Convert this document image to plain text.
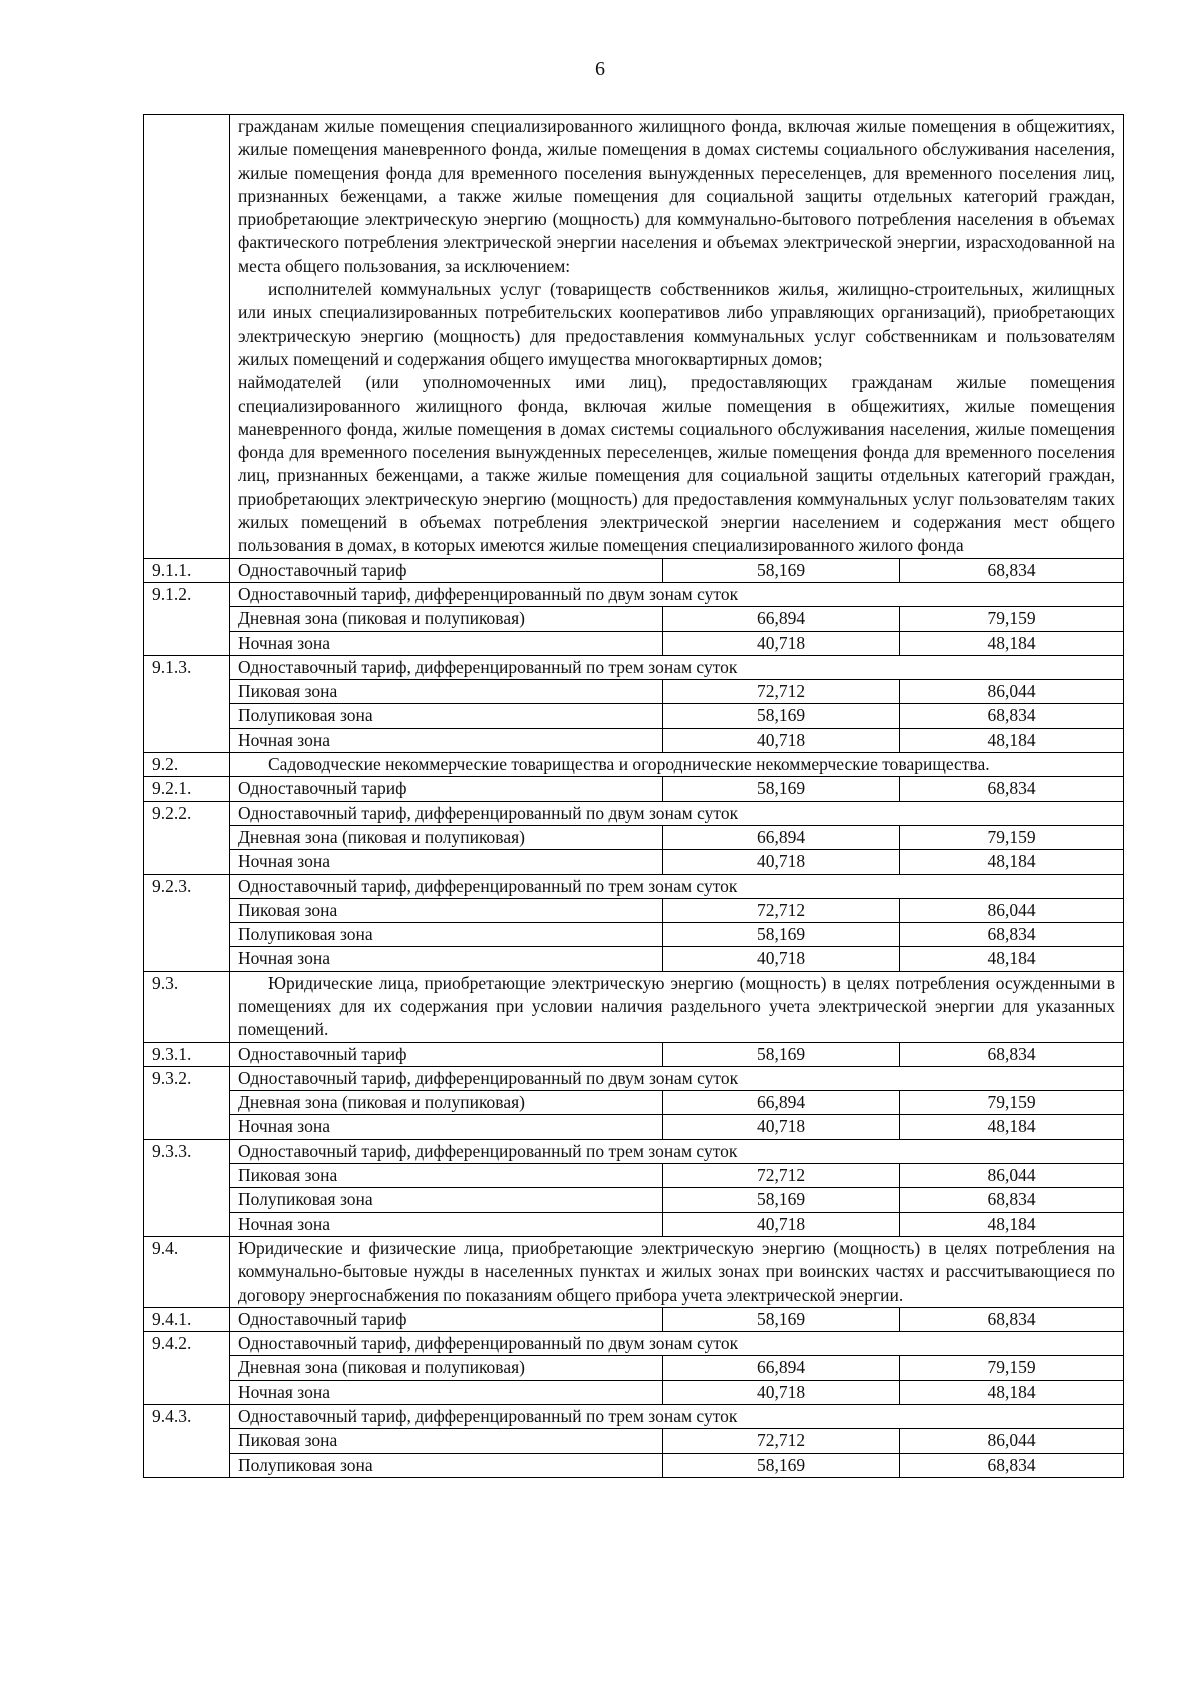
6

	гражданам жилые помещения специализированного жилищного фонда, включая жилые помещения в общежитиях, жилые помещения маневренного фонда, жилые помещения в домах системы социального обслуживания населения, жилые помещения фонда для временного поселения вынужденных переселенцев, для временного поселения лиц, признанных беженцами, а также жилые помещения для социальной защиты отдельных категорий граждан, приобретающие электрическую энергию (мощность) для коммунально-бытового потребления населения в объемах фактического потребления электрической энергии населения и объемах электрической энергии, израсходованной на места общего пользования, за исключением:

исполнителей коммунальных услуг (товариществ собственников жилья, жилищно-строительных, жилищных или иных специализированных потребительских кооперативов либо управляющих организаций), приобретающих электрическую энергию (мощность) для предоставления коммунальных услуг собственникам и пользователям жилых помещений и содержания общего имущества многоквартирных домов;

наймодателей (или уполномоченных ими лиц), предоставляющих гражданам жилые помещения специализированного жилищного фонда, включая жилые помещения в общежитиях, жилые помещения маневренного фонда, жилые помещения в домах системы социального обслуживания населения, жилые помещения фонда для временного поселения вынужденных переселенцев, жилые помещения фонда для временного поселения лиц, признанных беженцами, а также жилые помещения для социальной защиты отдельных категорий граждан, приобретающих электрическую энергию (мощность) для предоставления коммунальных услуг пользователям таких жилых помещений в объемах потребления электрической энергии населением и содержания мест общего пользования в домах, в которых имеются жилые помещения специализированного жилого фонда		

9.1.1.	Одноставочный тариф	58,169	68,834
9.1.2.	Одноставочный тариф, дифференцированный по двум зонам суток		
	Дневная зона (пиковая и полупиковая)	66,894	79,159
	Ночная зона	40,718	48,184
9.1.3.	Одноставочный тариф, дифференцированный по трем зонам суток		
	Пиковая зона	72,712	86,044
	Полупиковая зона	58,169	68,834
	Ночная зона	40,718	48,184
9.2.	Садоводческие некоммерческие товарищества и огороднические некоммерческие товарищества.		

9.2.1.	Одноставочный тариф	58,169	68,834
9.2.2.	Одноставочный тариф, дифференцированный по двум зонам суток		
	Дневная зона (пиковая и полупиковая)	66,894	79,159
	Ночная зона	40,718	48,184
9.2.3.	Одноставочный тариф, дифференцированный по трем зонам суток		
	Пиковая зона	72,712	86,044
	Полупиковая зона	58,169	68,834
	Ночная зона	40,718	48,184
9.3.	Юридические лица, приобретающие электрическую энергию (мощность) в целях потребления осужденными в помещениях для их содержания при условии наличия раздельного учета электрической энергии для указанных помещений.		

9.3.1.	Одноставочный тариф	58,169	68,834
9.3.2.	Одноставочный тариф, дифференцированный по двум зонам суток		
	Дневная зона (пиковая и полупиковая)	66,894	79,159
	Ночная зона	40,718	48,184
9.3.3.	Одноставочный тариф, дифференцированный по трем зонам суток		
	Пиковая зона	72,712	86,044
	Полупиковая зона	58,169	68,834
	Ночная зона	40,718	48,184
9.4.	Юридические и физические лица, приобретающие электрическую энергию (мощность) в целях потребления на коммунально-бытовые нужды в населенных пунктах и жилых зонах при воинских частях и рассчитывающиеся по договору энергоснабжения по показаниям общего прибора учета электрической энергии.		

9.4.1.	Одноставочный тариф	58,169	68,834
9.4.2.	Одноставочный тариф, дифференцированный по двум зонам суток		
	Дневная зона (пиковая и полупиковая)	66,894	79,159
	Ночная зона	40,718	48,184
9.4.3.	Одноставочный тариф, дифференцированный по трем зонам суток		
	Пиковая зона	72,712	86,044
	Полупиковая зона	58,169	68,834
